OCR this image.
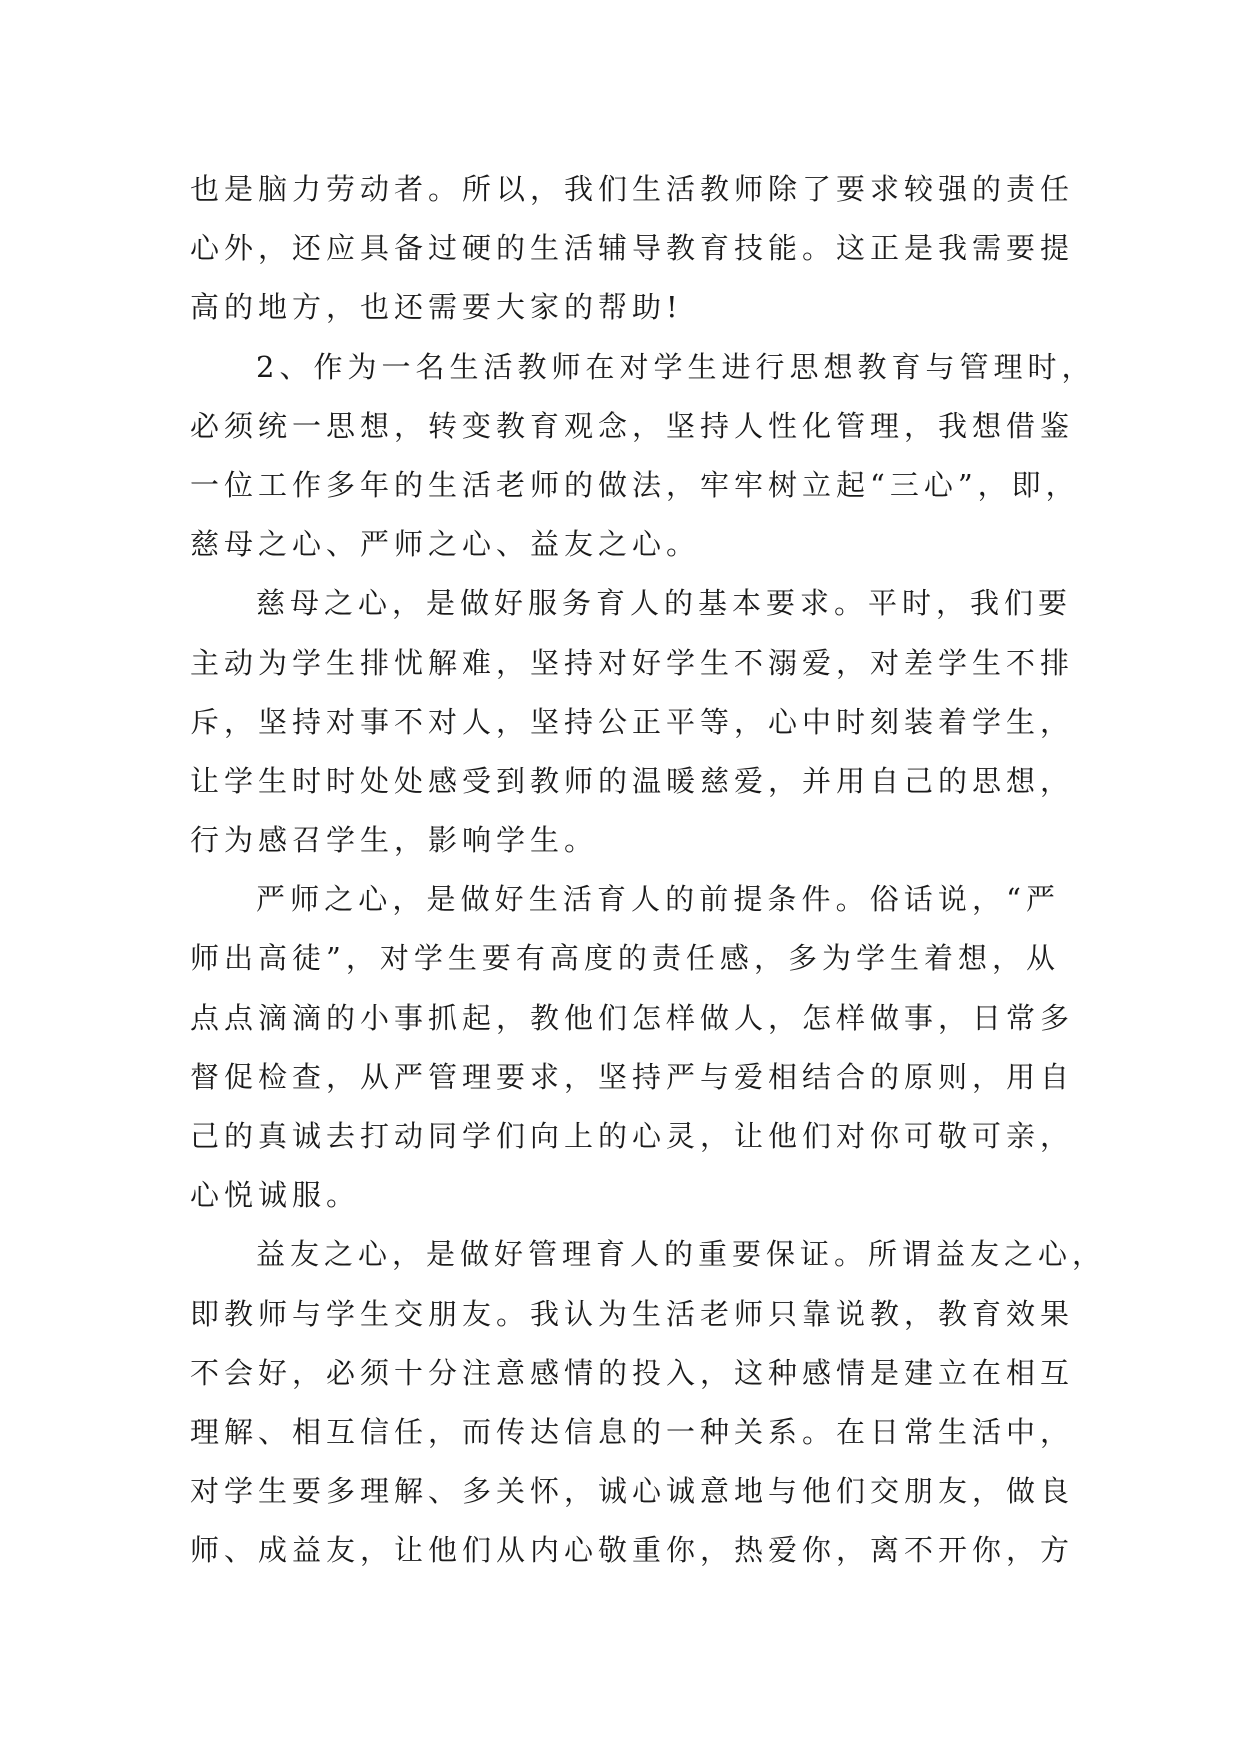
也是脑力劳动者。所以，我们生活教师除了要求较强的责任
心外，还应具备过硬的生活辅导教育技能。这正是我需要提
高的地方，也还需要大家的帮助!
2、作为一名生活教师在对学生进行思想教育与管理时，
必须统一思想，转变教育观念，坚持人性化管理，我想借鉴
一位工作多年的生活老师的做法，牢牢树立起“三心”，即，
慈母之心、严师之心、益友之心。
慈母之心，是做好服务育人的基本要求。平时，我们要
主动为学生排忧解难，坚持对好学生不溺爱，对差学生不排
斥，坚持对事不对人，坚持公正平等，心中时刻装着学生，
让学生时时处处感受到教师的温暖慈爱，并用自己的思想，
行为感召学生，影响学生。
严师之心，是做好生活育人的前提条件。俗话说，“严
师出高徒”，对学生要有高度的责任感，多为学生着想，从
点点滴滴的小事抓起，教他们怎样做人，怎样做事，日常多
督促检查，从严管理要求，坚持严与爱相结合的原则，用自
己的真诚去打动同学们向上的心灵，让他们对你可敬可亲，
心悦诚服。
益友之心，是做好管理育人的重要保证。所谓益友之心，
即教师与学生交朋友。我认为生活老师只靠说教，教育效果
不会好，必须十分注意感情的投入，这种感情是建立在相互
理解、相互信任，而传达信息的一种关系。在日常生活中，
对学生要多理解、多关怀，诚心诚意地与他们交朋友，做良
师、成益友，让他们从内心敬重你，热爱你，离不开你，方
